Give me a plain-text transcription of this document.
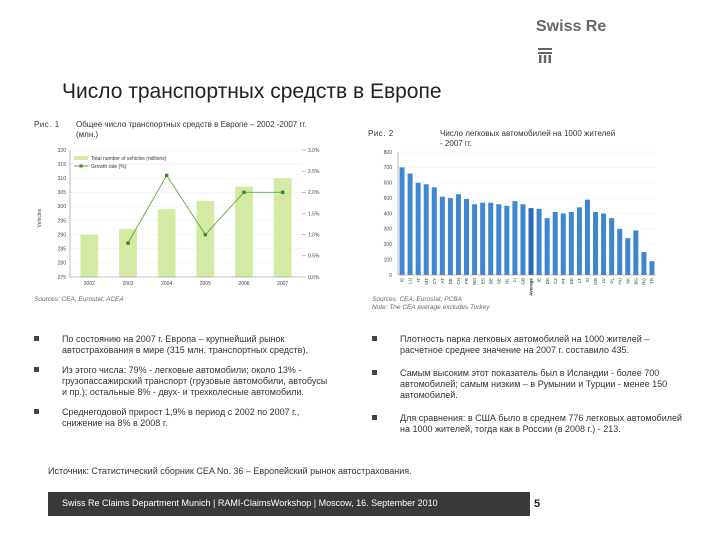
Swiss Re
Число транспортных средств в Европе
Рис. 1 Общее число транспортных средств в Европе – 2002 -2007 гг. (млн.)	Рис. 2	Число легковых автомобилей на 1000 жителей - 2007 гг.
275
280
285
290
295
300
305
310
315
320
0.0%
0.5%
1.0%
1.5%
2.0%
2.5%
3.0%
2002	2003	2004	2005	2006	2007
Total number of vehicles (millions)
Growth rate (%)
Vehicles
Sources: CEA, Eurostat, ACEA
0
100
200
300
400
500
600
700
800
IS LU IT MT CY AT DE CH FR NO ES BE SE NL FI GB Average IE DK CZ PT EE LT SI GR LV PL HU SK BG RO TR
Sources: CEA, Eurostat, PCBA
Note: The CEA average excludes Turkey
По состоянию на 2007 г. Европа – крупнейший рынок автострахования в мире (315 млн. транспортных средств).
Из этого числа: 79% - легковые автомобили; около 13% - грузопассажирский транспорт (грузовые автомобили, автобусы и пр.); остальные 8% - двух- и трехколесные автомобили.
Среднегодовой прирост 1,9% в период с 2002 по 2007 г., снижение на 8% в 2008 г.
Плотность парка легковых автомобилей на 1000 жителей – расчетное среднее значение на 2007 г. составило 435.
Самым высоким этот показатель был в Исландии - более 700 автомобилей; самым низким – в Румынии и Турции - менее 150 автомобилей.
Для сравнения: в США было в среднем 776 легковых автомобилей на 1000 жителей, тогда как в России (в 2008 г.) - 213.
Источник: Статистический сборник CEA No. 36 – Европейский рынок автострахования.
Swiss Re Claims Department Munich | RAMI-ClaimsWorkshop | Moscow, 16. September 2010	5
